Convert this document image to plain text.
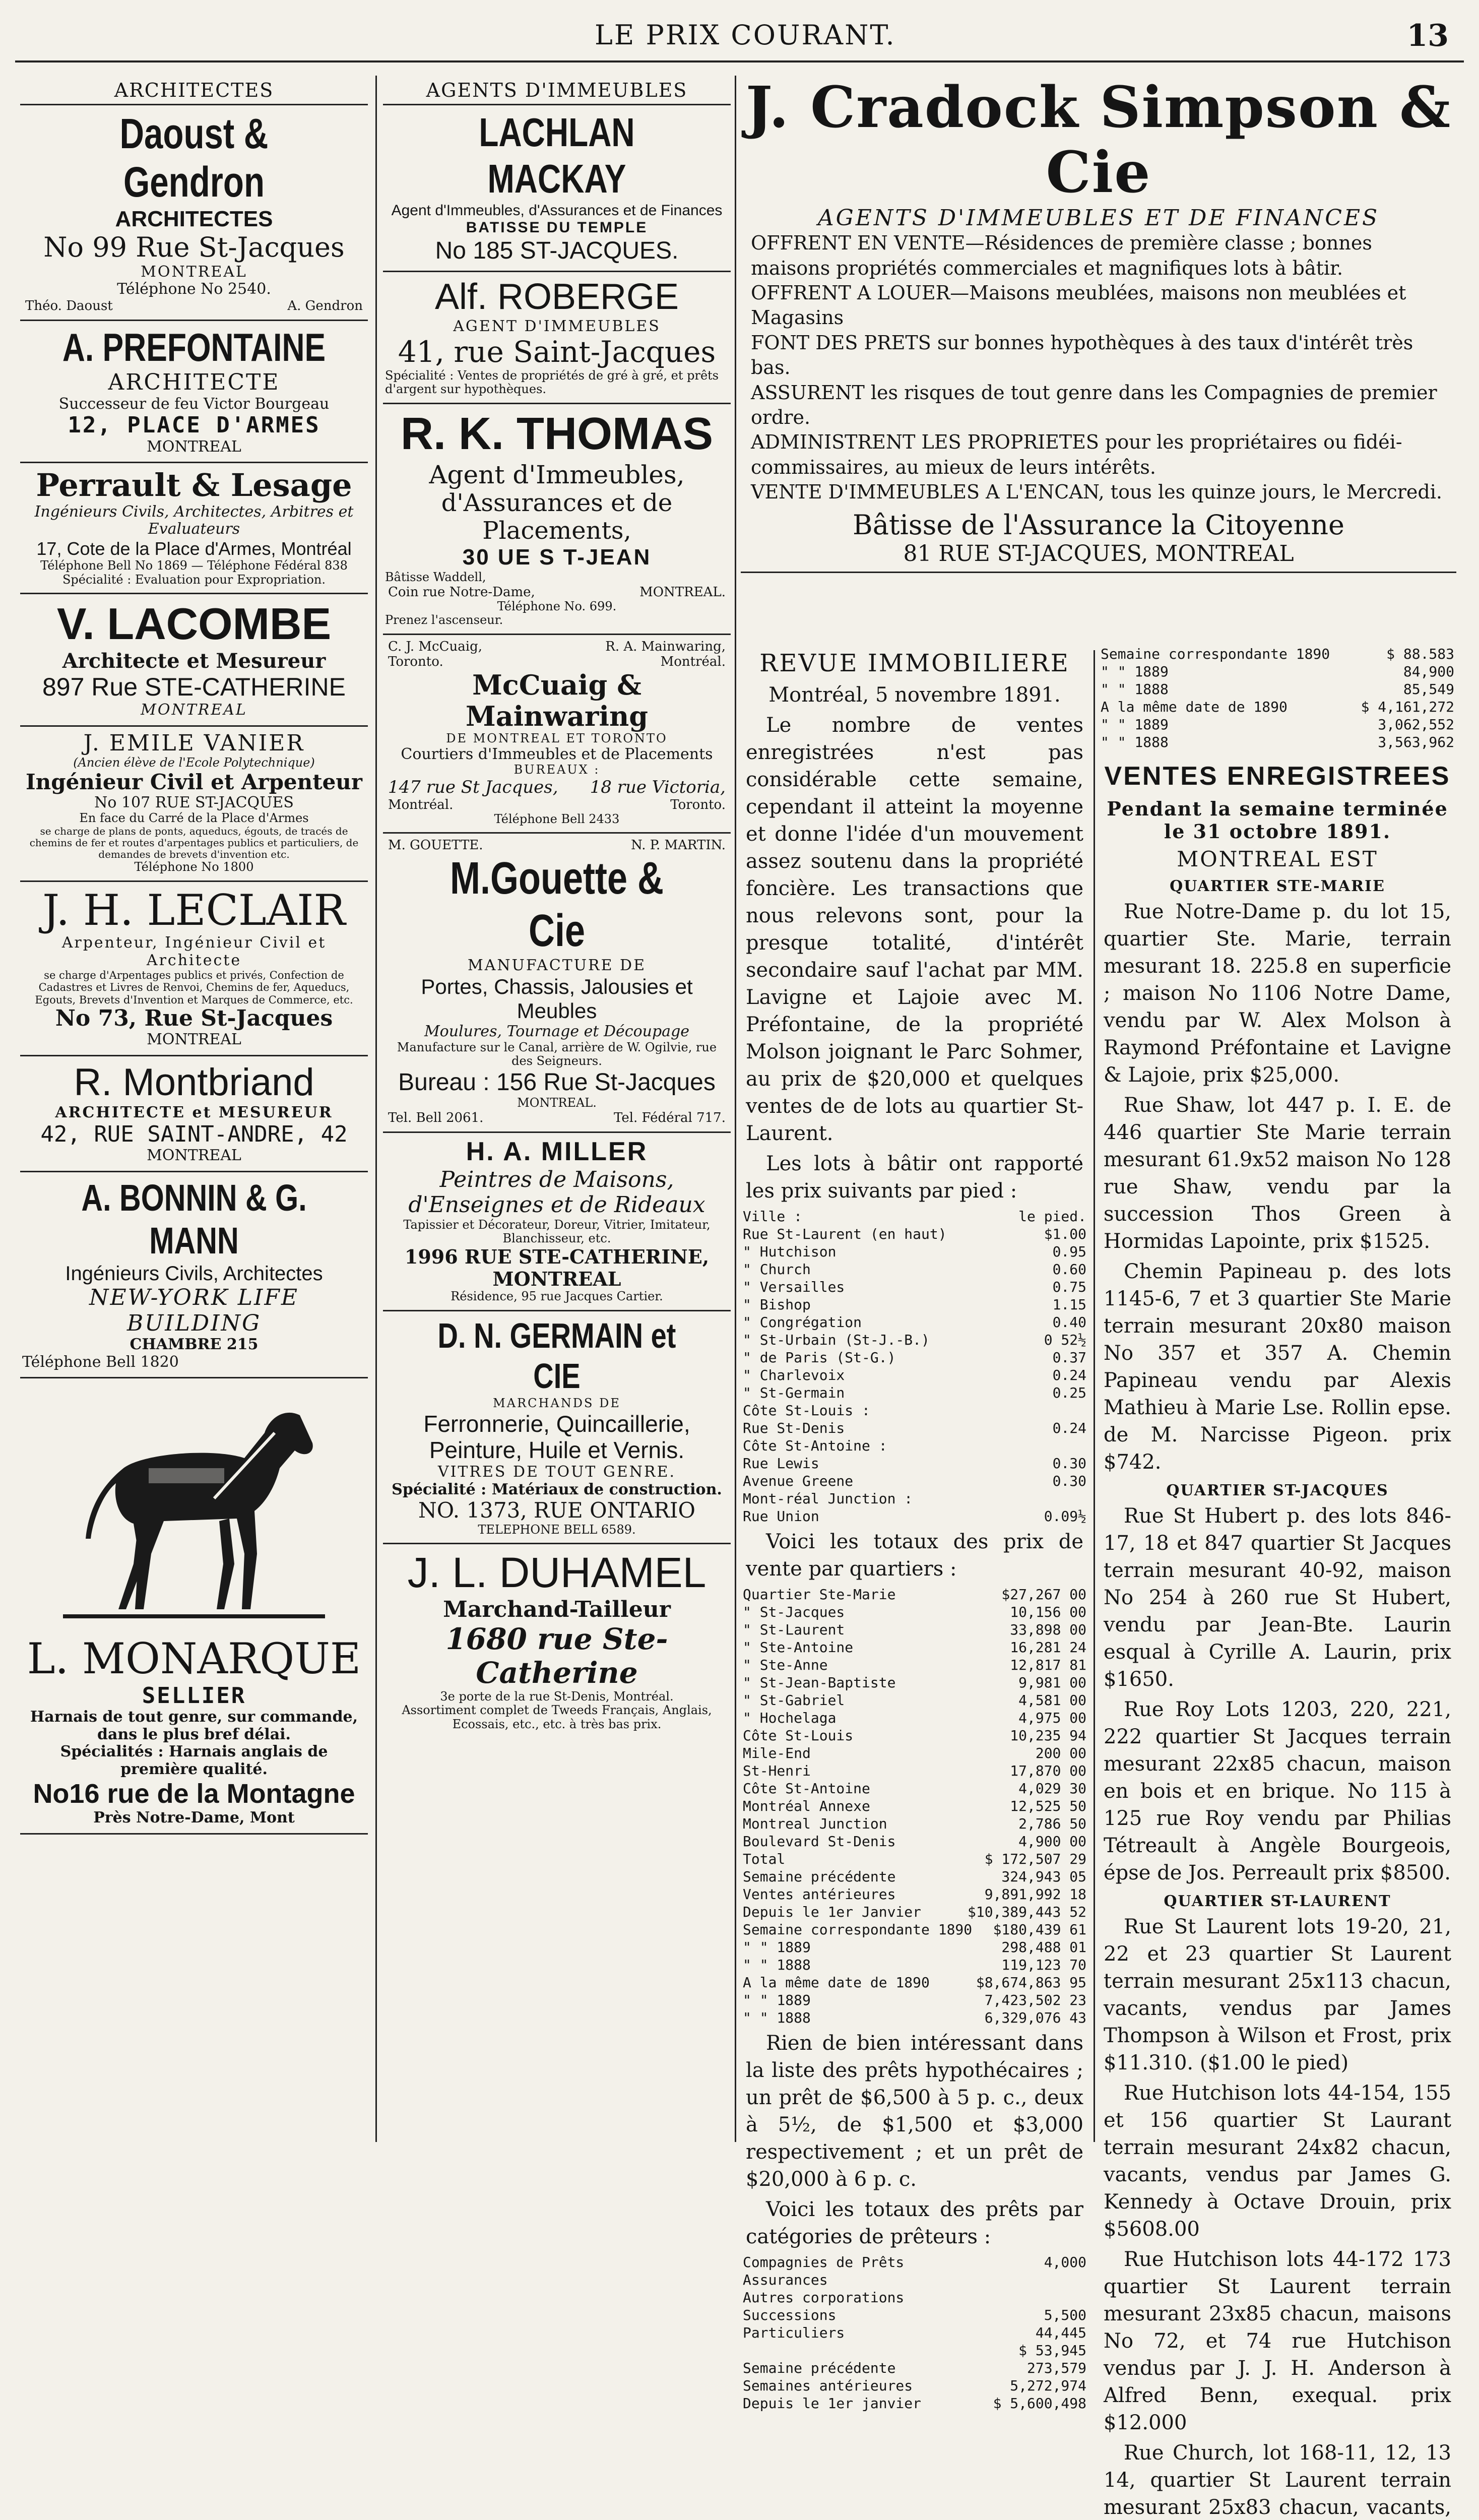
LE PRIX COURANT.	13
ARCHITECTES
Daoust & Gendron
ARCHITECTES
No 99 Rue St-Jacques
MONTREAL
Téléphone No 2540.
Théo. Daoust	A. Gendron
A. PREFONTAINE
ARCHITECTE
Successeur de feu Victor Bourgeau
12, PLACE D'ARMES
MONTREAL
Perrault & Lesage
Ingénieurs Civils, Architectes, Arbitres et Evaluateurs
17, Cote de la Place d'Armes, Montréal
Téléphone Bell No 1869 — Téléphone Fédéral 838
Spécialité : Evaluation pour Expropriation.
V. LACOMBE
Architecte et Mesureur
897 Rue STE-CATHERINE
MONTREAL
J. EMILE VANIER
(Ancien élève de l'Ecole Polytechnique)
Ingénieur Civil et Arpenteur
No 107 RUE ST-JACQUES
En face du Carré de la Place d'Armes
se charge de plans de ponts, aqueducs, égouts, de tracés de chemins de fer et routes d'arpentages publics et particuliers, de demandes de brevets d'invention etc.
Téléphone No 1800
J. H. LECLAIR
Arpenteur, Ingénieur Civil et Architecte
se charge d'Arpentages publics et privés, Confection de Cadastres et Livres de Renvoi, Chemins de fer, Aqueducs, Egouts, Brevets d'Invention et Marques de Commerce, etc.
No 73, Rue St-Jacques
MONTREAL
R. Montbriand
ARCHITECTE et MESUREUR
42, RUE SAINT-ANDRE, 42
MONTREAL
A. BONNIN & G. MANN
Ingénieurs Civils, Architectes
NEW-YORK LIFE BUILDING
CHAMBRE 215
Téléphone Bell 1820
L. MONARQUE
SELLIER
Harnais de tout genre, sur commande, dans le plus bref délai.
Spécialités : Harnais anglais de première qualité.
No16 rue de la Montagne
Près Notre-Dame, Mont
AGENTS D'IMMEUBLES
LACHLAN MACKAY
Agent d'Immeubles, d'Assurances et de Finances
BATISSE DU TEMPLE
No 185 ST-JACQUES.
Alf. ROBERGE
AGENT D'IMMEUBLES
41, rue Saint-Jacques
Spécialité : Ventes de propriétés de gré à gré, et prêts d'argent sur hypothèques.
R. K. THOMAS
Agent d'Immeubles,
d'Assurances et de Placements,
30 UE S T-JEAN
Bâtisse Waddell,
Coin rue Notre-Dame,	MONTREAL.
Téléphone No. 699.
Prenez l'ascenseur.
C. J. McCuaig,	R. A. Mainwaring,
Toronto.	Montréal.
McCuaig & Mainwaring
DE MONTREAL ET TORONTO
Courtiers d'Immeubles et de Placements
BUREAUX :
147 rue St Jacques, 18 rue Victoria,
Montréal.	Toronto.
Téléphone Bell 2433
M. GOUETTE.	N. P. MARTIN.
M.Gouette & Cie
MANUFACTURE DE
Portes, Chassis, Jalousies et Meubles
Moulures, Tournage et Découpage
Manufacture sur le Canal, arrière de W. Ogilvie, rue des Seigneurs.
Bureau : 156 Rue St-Jacques
MONTREAL.
Tel. Bell 2061.	Tel. Fédéral 717.
H. A. MILLER
Peintres de Maisons, d'Enseignes et de Rideaux
Tapissier et Décorateur, Doreur, Vitrier, Imitateur, Blanchisseur, etc.
1996 RUE STE-CATHERINE, MONTREAL
Résidence, 95 rue Jacques Cartier.
D. N. GERMAIN et CIE
MARCHANDS DE
Ferronnerie, Quincaillerie, Peinture, Huile et Vernis.
VITRES DE TOUT GENRE.
Spécialité : Matériaux de construction.
NO. 1373, RUE ONTARIO
TELEPHONE BELL 6589.
J. L. DUHAMEL
Marchand-Tailleur
1680 rue Ste-Catherine
3e porte de la rue St-Denis, Montréal.
Assortiment complet de Tweeds Français, Anglais, Ecossais, etc., etc. à très bas prix.
J. Cradock Simpson & Cie
AGENTS D'IMMEUBLES ET DE FINANCES
OFFRENT EN VENTE—Résidences de première classe ; bonnes maisons propriétés commerciales et magnifiques lots à bâtir.
OFFRENT A LOUER—Maisons meublées, maisons non meublées et Magasins
FONT DES PRETS sur bonnes hypothèques à des taux d'intérêt très bas.
ASSURENT les risques de tout genre dans les Compagnies de premier ordre.
ADMINISTRENT LES PROPRIETES pour les propriétaires ou fidéi-commissaires, au mieux de leurs intérêts.
VENTE D'IMMEUBLES A L'ENCAN, tous les quinze jours, le Mercredi.
Bâtisse de l'Assurance la Citoyenne
81 RUE ST-JACQUES, MONTREAL
REVUE IMMOBILIERE
Montréal, 5 novembre 1891.
Le nombre de ventes enregistrées n'est pas considérable cette semaine, cependant il atteint la moyenne et donne l'idée d'un mouvement assez soutenu dans la propriété foncière. Les transactions que nous relevons sont, pour la presque totalité, d'intérêt secondaire sauf l'achat par MM. Lavigne et Lajoie avec M. Préfontaine, de la propriété Molson joignant le Parc Sohmer, au prix de $20,000 et quelques ventes de de lots au quartier St-Laurent.
Les lots à bâtir ont rapporté les prix suivants par pied :
Ville :	le pied.
Rue St-Laurent (en haut)	$1.00
" Hutchison	0.95
" Church	0.60
" Versailles	0.75
" Bishop	1.15
" Congrégation	0.40
" St-Urbain (St-J.-B.)	0 52½
" de Paris (St-G.)	0.37
" Charlevoix	0.24
" St-Germain	0.25
Côte St-Louis :	
Rue St-Denis	0.24
Côte St-Antoine :	
Rue Lewis	0.30
Avenue Greene	0.30
Mont-réal Junction :	
Rue Union	0.09½
Voici les totaux des prix de vente par quartiers :
Quartier Ste-Marie	$27,267 00
" St-Jacques	10,156 00
" St-Laurent	33,898 00
" Ste-Antoine	16,281 24
" Ste-Anne	12,817 81
" St-Jean-Baptiste	9,981 00
" St-Gabriel	4,581 00
" Hochelaga	4,975 00
Côte St-Louis	10,235 94
Mile-End	200 00
St-Henri	17,870 00
Côte St-Antoine	4,029 30
Montréal Annexe	12,525 50
Montreal Junction	2,786 50
Boulevard St-Denis	4,900 00
Total	$ 172,507 29
Semaine précédente	324,943 05
Ventes antérieures	9,891,992 18
Depuis le 1er Janvier	$10,389,443 52
Semaine correspondante 1890	$180,439 61
" " 1889	298,488 01
" " 1888	119,123 70
A la même date de 1890	$8,674,863 95
" " 1889	7,423,502 23
" " 1888	6,329,076 43
Rien de bien intéressant dans la liste des prêts hypothécaires ; un prêt de $6,500 à 5 p. c., deux à 5½, de $1,500 et $3,000 respectivement ; et un prêt de $20,000 à 6 p. c.
Voici les totaux des prêts par catégories de prêteurs :
Compagnies de Prêts	4,000
Assurances	
Autres corporations	
Successions	5,500
Particuliers	44,445
	$ 53,945
Semaine précédente	273,579
Semaines antérieures	5,272,974
Depuis le 1er janvier	$ 5,600,498
Semaine correspondante 1890	$ 88.583
" " 1889	84,900
" " 1888	85,549
A la même date de 1890	$ 4,161,272
" " 1889	3,062,552
" " 1888	3,563,962
VENTES ENREGISTREES
Pendant la semaine terminée le 31 octobre 1891.
MONTREAL EST
QUARTIER STE-MARIE
Rue Notre-Dame p. du lot 15, quartier Ste. Marie, terrain mesurant 18. 225.8 en superficie ; maison No 1106 Notre Dame, vendu par W. Alex Molson à Raymond Préfontaine et Lavigne & Lajoie, prix $25,000.
Rue Shaw, lot 447 p. I. E. de 446 quartier Ste Marie terrain mesurant 61.9x52 maison No 128 rue Shaw, vendu par la succession Thos Green à Hormidas Lapointe, prix $1525.
Chemin Papineau p. des lots 1145-6, 7 et 3 quartier Ste Marie terrain mesurant 20x80 maison No 357 et 357 A. Chemin Papineau vendu par Alexis Mathieu à Marie Lse. Rollin epse. de M. Narcisse Pigeon. prix $742.
QUARTIER ST-JACQUES
Rue St Hubert p. des lots 846-17, 18 et 847 quartier St Jacques terrain mesurant 40-92, maison No 254 à 260 rue St Hubert, vendu par Jean-Bte. Laurin esqual à Cyrille A. Laurin, prix $1650.
Rue Roy Lots 1203, 220, 221, 222 quartier St Jacques terrain mesurant 22x85 chacun, maison en bois et en brique. No 115 à 125 rue Roy vendu par Philias Tétreault à Angèle Bourgeois, épse de Jos. Perreault prix $8500.
QUARTIER ST-LAURENT
Rue St Laurent lots 19-20, 21, 22 et 23 quartier St Laurent terrain mesurant 25x113 chacun, vacants, vendus par James Thompson à Wilson et Frost, prix $11.310. ($1.00 le pied)
Rue Hutchison lots 44-154, 155 et 156 quartier St Laurant terrain mesurant 24x82 chacun, vacants, vendus par James G. Kennedy à Octave Drouin, prix $5608.00
Rue Hutchison lots 44-172 173 quartier St Laurent terrain mesurant 23x85 chacun, maisons No 72, et 74 rue Hutchison vendus par J. J. H. Anderson à Alfred Benn, exequal. prix $12.000
Rue Church, lot 168-11, 12, 13 14, quartier St Laurent terrain mesurant 25x83 chacun, vacants,
